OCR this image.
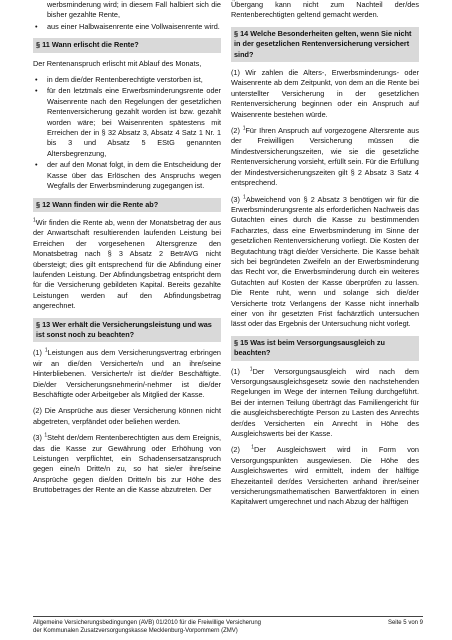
werbsminderung wird; in diesem Fall halbiert sich die bisher gezahlte Rente,
• aus einer Halbwaisenrente eine Vollwaisenrente wird.
§ 11 Wann erlischt die Rente?

Der Rentenanspruch erlischt mit Ablauf des Monats,

• in dem die/der Rentenberechtigte verstorben ist,
• für den letztmals eine Erwerbsminderungsrente oder Waisenrente nach den Regelungen der gesetzlichen Rentenversicherung gezahlt worden ist bzw. gezahlt worden wäre; bei Waisenrenten spätestens mit Erreichen der in § 32 Absatz 3, Absatz 4 Satz 1 Nr. 1 bis 3 und Absatz 5 EStG genannten Altersbegrenzung,
• der auf den Monat folgt, in dem die Entscheidung der Kasse über das Erlöschen des Anspruchs wegen Wegfalls der Erwerbsminderung zugegangen ist.
§ 12 Wann finden wir die Rente ab?

$^1$Wir finden die Rente ab, wenn der Monatsbetrag der aus der Anwartschaft resultierenden laufenden Leistung bei Erreichen der vorgesehenen Altersgrenze den Monatsbetrag nach § 3 Absatz 2 BetrAVG nicht übersteigt; dies gilt entsprechend für die Abfindung einer laufenden Leistung. Der Abfindungsbetrag entspricht dem für die Versicherung gebildeten Kapital. Bereits gezahlte Leistungen werden auf den Abfindungsbetrag angerechnet.

§ 13 Wer erhält die Versicherungsleistung und was ist sonst noch zu beachten?

(1) $^1$Leistungen aus dem Versicherungsvertrag erbringen wir an die/den Versicherte/n und an ihre/seine Hinterbliebenen. Versicherte/r ist die/der Beschäftigte. Die/der Versicherungsnehmerin/-nehmer ist die/der Beschäftigte oder Arbeitgeber als Mitglied der Kasse.

(2) Die Ansprüche aus dieser Versicherung können nicht abgetreten, verpfändet oder beliehen werden.

(3) $^1$Steht der/dem Rentenberechtigten aus dem Ereignis, das die Kasse zur Gewährung oder Erhöhung von Leistungen verpflichtet, ein Schadensersatzanspruch gegen eine/n Dritte/n zu, so hat sie/er ihre/seine Ansprüche gegen die/den Dritte/n bis zur Höhe des Bruttobetrages der Rente an die Kasse abzutreten. Der

Übergang kann nicht zum Nachteil der/des Rentenberechtigten geltend gemacht werden.

§ 14 Welche Besonderheiten gelten, wenn Sie nicht in der gesetzlichen Rentenversicherung versichert sind?

(1) Wir zahlen die Alters-, Erwerbsminderungs- oder Waisenrente ab dem Zeitpunkt, von dem an die Rente bei unterstellter Versicherung in der gesetzlichen Rentenversicherung beginnen oder ein Anspruch auf Waisenrente bestehen würde.

(2) $^1$Für Ihren Anspruch auf vorgezogene Altersrente aus der Freiwilligen Versicherung müssen die Mindestversicherungszeiten, wie sie die gesetzliche Rentenversicherung vorsieht, erfüllt sein. Für die Erfüllung der Mindestversicherungszeiten gilt § 2 Absatz 3 Satz 4 entsprechend.

(3) $^1$Abweichend von § 2 Absatz 3 benötigen wir für die Erwerbsminderungsrente als erforderlichen Nachweis das Gutachten eines durch die Kasse zu bestimmenden Facharztes, dass eine Erwerbsminderung im Sinne der gesetzlichen Rentenversicherung vorliegt. Die Kosten der Begutachtung trägt die/der Versicherte. Die Kasse behält sich bei begründeten Zweifeln an der Erwerbsminderung das Recht vor, die Erwerbsminderung durch ein weiteres Gutachten auf Kosten der Kasse überprüfen zu lassen. Die Rente ruht, wenn und solange sich die/der Versicherte trotz Verlangens der Kasse nicht innerhalb einer von ihr gesetzten Frist fachärztlich untersuchen lässt oder das Ergebnis der Untersuchung nicht vorlegt.

§ 15 Was ist beim Versorgungsausgleich zu beachten?

(1) $^1$Der Versorgungsausgleich wird nach dem Versorgungsausgleichsgesetz sowie den nachstehenden Regelungen im Wege der internen Teilung durchgeführt. Bei der internen Teilung überträgt das Familiengericht für die ausgleichsberechtigte Person zu Lasten des Anrechts der/des Versicherten ein Anrecht in Höhe des Ausgleichswerts bei der Kasse.

(2) $^1$Der Ausgleichswert wird in Form von Versorgungspunkten ausgewiesen. Die Höhe des Ausgleichswertes wird ermittelt, indem der hälftige Ehezeitanteil der/des Versicherten anhand ihrer/seiner versicherungsmathematischen Barwertfaktoren in einen Kapitalwert umgerechnet und nach Abzug der hälftigen

Allgemeine Versicherungsbedingungen (AVB) 01/2010 für die Freiwillige Versicherung
der Kommunalen Zusatzversorgungskasse Mecklenburg-Vorpommern (ZMV)
Seite 5 von 9
